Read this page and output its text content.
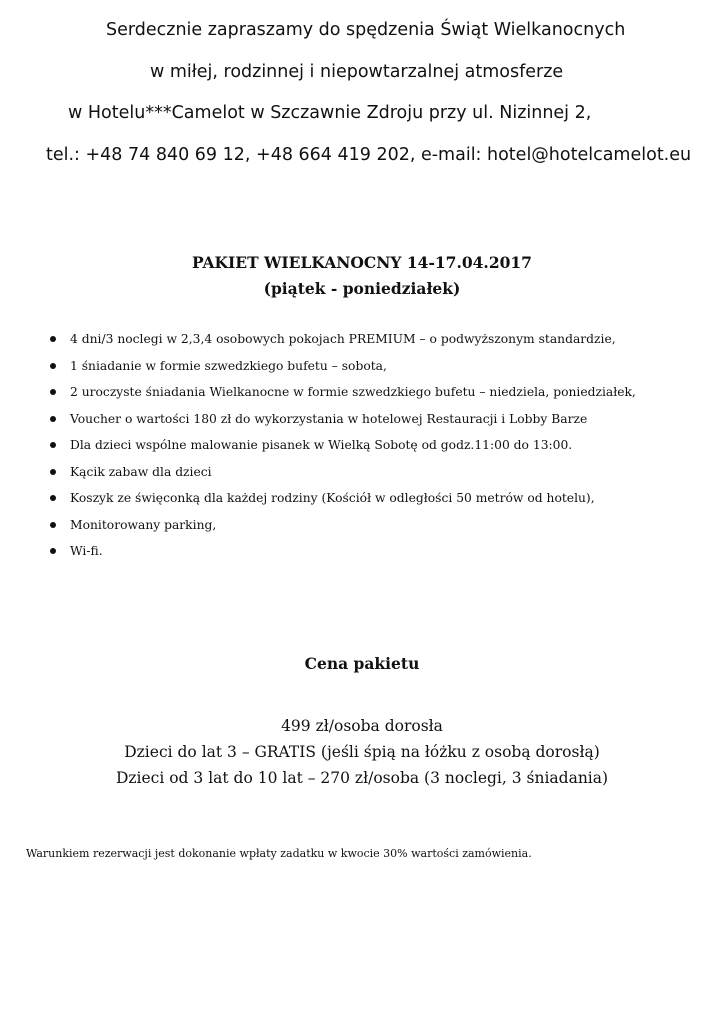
Serdecznie zapraszamy do spędzenia Świąt Wielkanocnych
w miłej, rodzinnej i niepowtarzalnej atmosferze
w Hotelu***Camelot w Szczawnie Zdroju przy ul. Nizinnej 2,
tel.: +48 74 840 69 12, +48 664 419 202, e-mail: hotel@hotelcamelot.eu
PAKIET WIELKANOCNY 14-17.04.2017
(piątek - poniedziałek)
4 dni/3 noclegi w 2,3,4 osobowych pokojach PREMIUM – o podwyższonym standardzie,
1 śniadanie w formie szwedzkiego bufetu – sobota,
2 uroczyste śniadania Wielkanocne w formie szwedzkiego bufetu – niedziela, poniedziałek,
Voucher o wartości 180 zł do wykorzystania w hotelowej Restauracji i Lobby Barze
Dla dzieci wspólne malowanie pisanek w Wielką Sobotę od godz.11:00 do 13:00.
Kącik zabaw dla dzieci
Koszyk ze święconką dla każdej rodziny (Kościół w odległości 50 metrów od hotelu),
Monitorowany parking,
Wi-fi.
Cena pakietu
499 zł/osoba dorosła
Dzieci do lat 3 – GRATIS (jeśli śpią na łóżku z osobą dorosłą)
Dzieci od 3 lat do 10 lat – 270 zł/osoba (3 noclegi, 3 śniadania)
Warunkiem rezerwacji jest dokonanie wpłaty zadatku w kwocie 30% wartości zamówienia.
